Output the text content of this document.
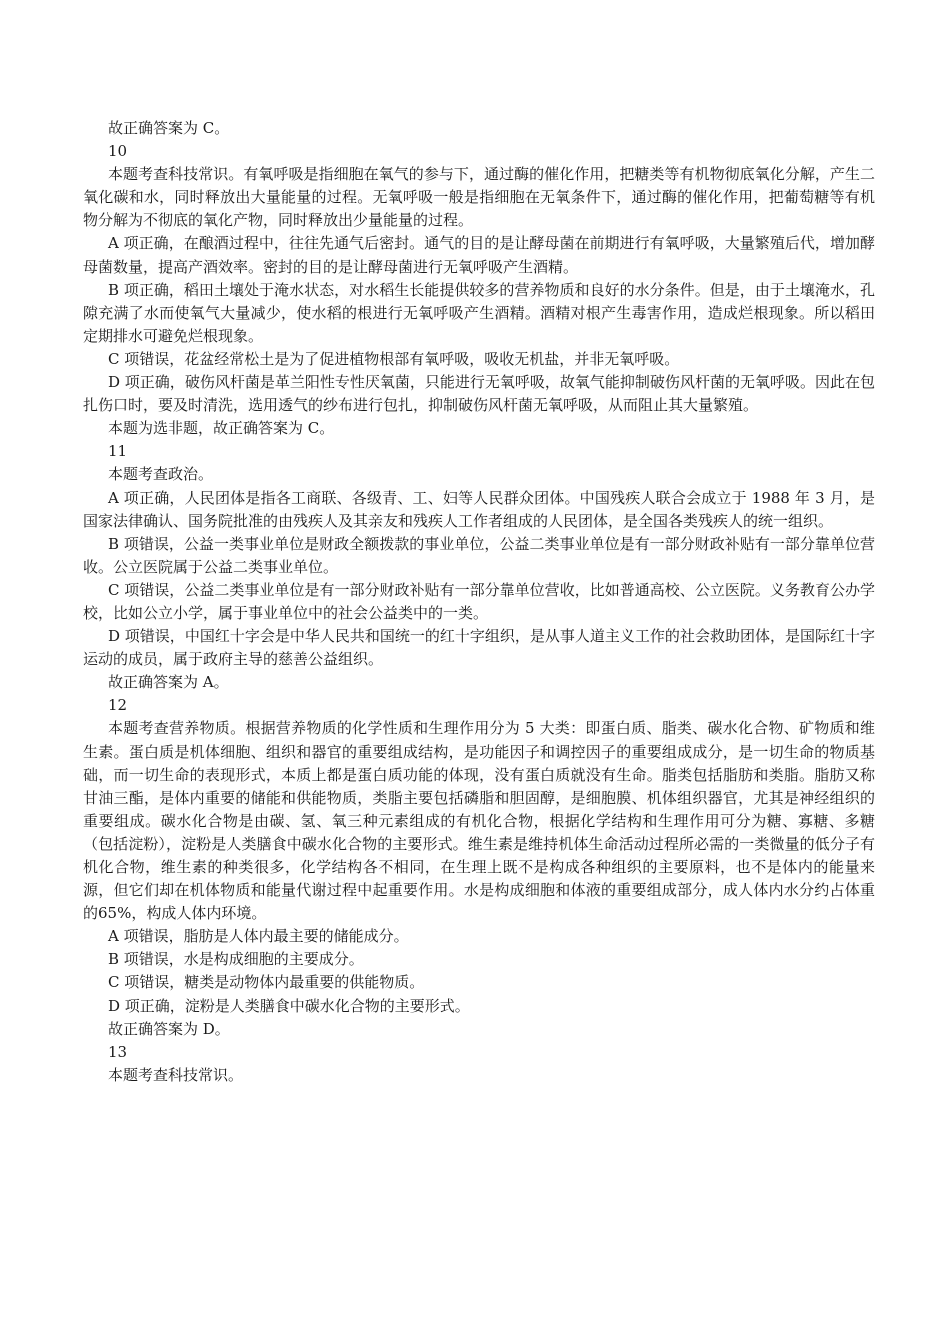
故正确答案为 C。

10

本题考查科技常识。有氧呼吸是指细胞在氧气的参与下，通过酶的催化作用，把糖类等有机物彻底氧化分解，产生二氧化碳和水，同时释放出大量能量的过程。无氧呼吸一般是指细胞在无氧条件下，通过酶的催化作用，把葡萄糖等有机物分解为不彻底的氧化产物，同时释放出少量能量的过程。

A 项正确，在酿酒过程中，往往先通气后密封。通气的目的是让酵母菌在前期进行有氧呼吸，大量繁殖后代，增加酵母菌数量，提高产酒效率。密封的目的是让酵母菌进行无氧呼吸产生酒精。

B 项正确，稻田土壤处于淹水状态，对水稻生长能提供较多的营养物质和良好的水分条件。但是，由于土壤淹水，孔隙充满了水而使氧气大量减少，使水稻的根进行无氧呼吸产生酒精。酒精对根产生毒害作用，造成烂根现象。所以稻田定期排水可避免烂根现象。

C 项错误，花盆经常松土是为了促进植物根部有氧呼吸，吸收无机盐，并非无氧呼吸。

D 项正确，破伤风杆菌是革兰阳性专性厌氧菌，只能进行无氧呼吸，故氧气能抑制破伤风杆菌的无氧呼吸。因此在包扎伤口时，要及时清洗，选用透气的纱布进行包扎，抑制破伤风杆菌无氧呼吸，从而阻止其大量繁殖。

本题为选非题，故正确答案为 C。

11

本题考查政治。

A 项正确，人民团体是指各工商联、各级青、工、妇等人民群众团体。中国残疾人联合会成立于 1988 年 3 月，是国家法律确认、国务院批准的由残疾人及其亲友和残疾人工作者组成的人民团体，是全国各类残疾人的统一组织。

B 项错误，公益一类事业单位是财政全额拨款的事业单位，公益二类事业单位是有一部分财政补贴有一部分靠单位营收。公立医院属于公益二类事业单位。

C 项错误，公益二类事业单位是有一部分财政补贴有一部分靠单位营收，比如普通高校、公立医院。义务教育公办学校，比如公立小学，属于事业单位中的社会公益类中的一类。

D 项错误，中国红十字会是中华人民共和国统一的红十字组织，是从事人道主义工作的社会救助团体，是国际红十字运动的成员，属于政府主导的慈善公益组织。

故正确答案为 A。

12

本题考查营养物质。根据营养物质的化学性质和生理作用分为 5 大类：即蛋白质、脂类、碳水化合物、矿物质和维生素。蛋白质是机体细胞、组织和器官的重要组成结构，是功能因子和调控因子的重要组成成分，是一切生命的物质基础，而一切生命的表现形式，本质上都是蛋白质功能的体现，没有蛋白质就没有生命。脂类包括脂肪和类脂。脂肪又称甘油三酯，是体内重要的储能和供能物质，类脂主要包括磷脂和胆固醇，是细胞膜、机体组织器官，尤其是神经组织的重要组成。碳水化合物是由碳、氢、氧三种元素组成的有机化合物，根据化学结构和生理作用可分为糖、寡糖、多糖（包括淀粉），淀粉是人类膳食中碳水化合物的主要形式。维生素是维持机体生命活动过程所必需的一类微量的低分子有机化合物，维生素的种类很多，化学结构各不相同，在生理上既不是构成各种组织的主要原料，也不是体内的能量来源，但它们却在机体物质和能量代谢过程中起重要作用。水是构成细胞和体液的重要组成部分，成人体内水分约占体重的65%，构成人体内环境。

A 项错误，脂肪是人体内最主要的储能成分。

B 项错误，水是构成细胞的主要成分。

C 项错误，糖类是动物体内最重要的供能物质。

D 项正确，淀粉是人类膳食中碳水化合物的主要形式。

故正确答案为 D。

13

本题考查科技常识。
